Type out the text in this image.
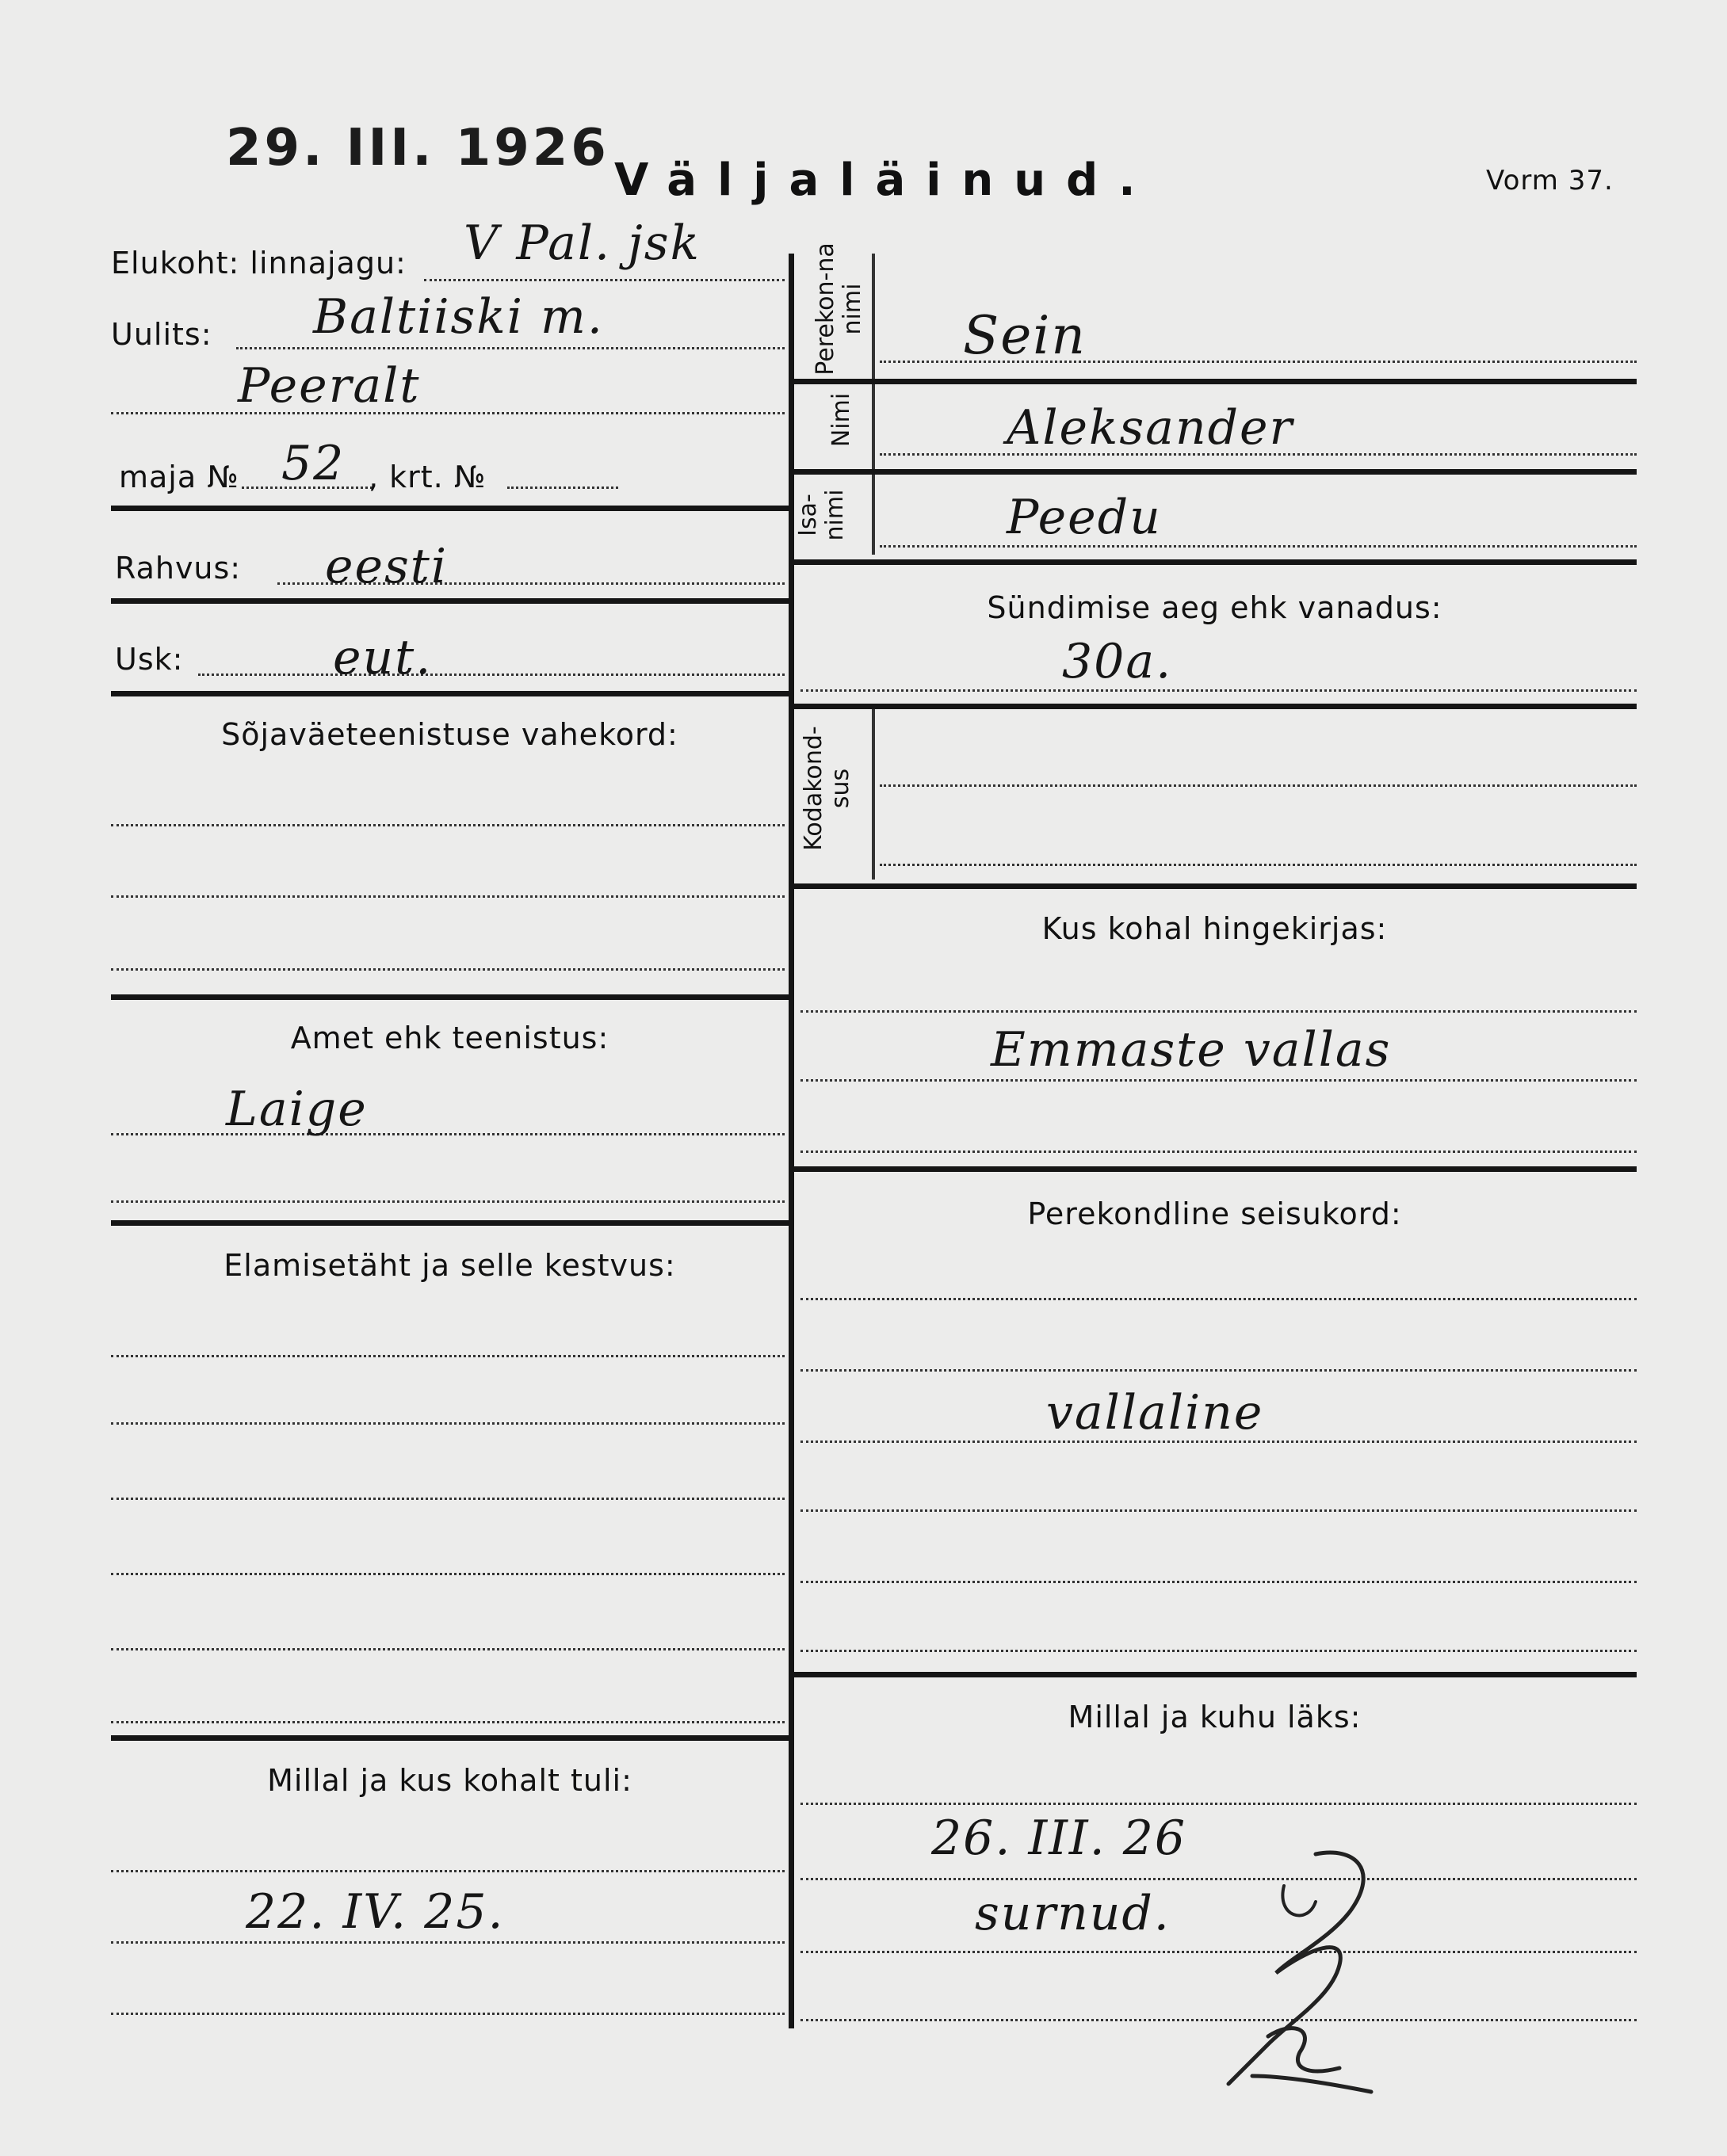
29. III. 1926
Väljaläinud.	Vorm 37.
Elukoht: linnajagu: V Pal. jsk
Uulits: Baltiiski m.
Peeralt
maja № 52 , krt. №
Rahvus: eesti
Usk:	eut.
Sõjaväeteenistuse vahekord:
Amet ehk teenistus:
Laige
Elamisetäht ja selle kestvus:
Millal ja kus kohalt tuli:
22. IV. 25.
Perekon-na nimi	Sein
Nimi	Aleksander
Isa-nimi	Peedu
Sündimise aeg ehk vanadus:
30a.
Kodakond-sus
Kus kohal hingekirjas:
Emmaste vallas
Perekondline seisukord:
vallaline
Millal ja kuhu läks:
26. III. 26
surnud.
